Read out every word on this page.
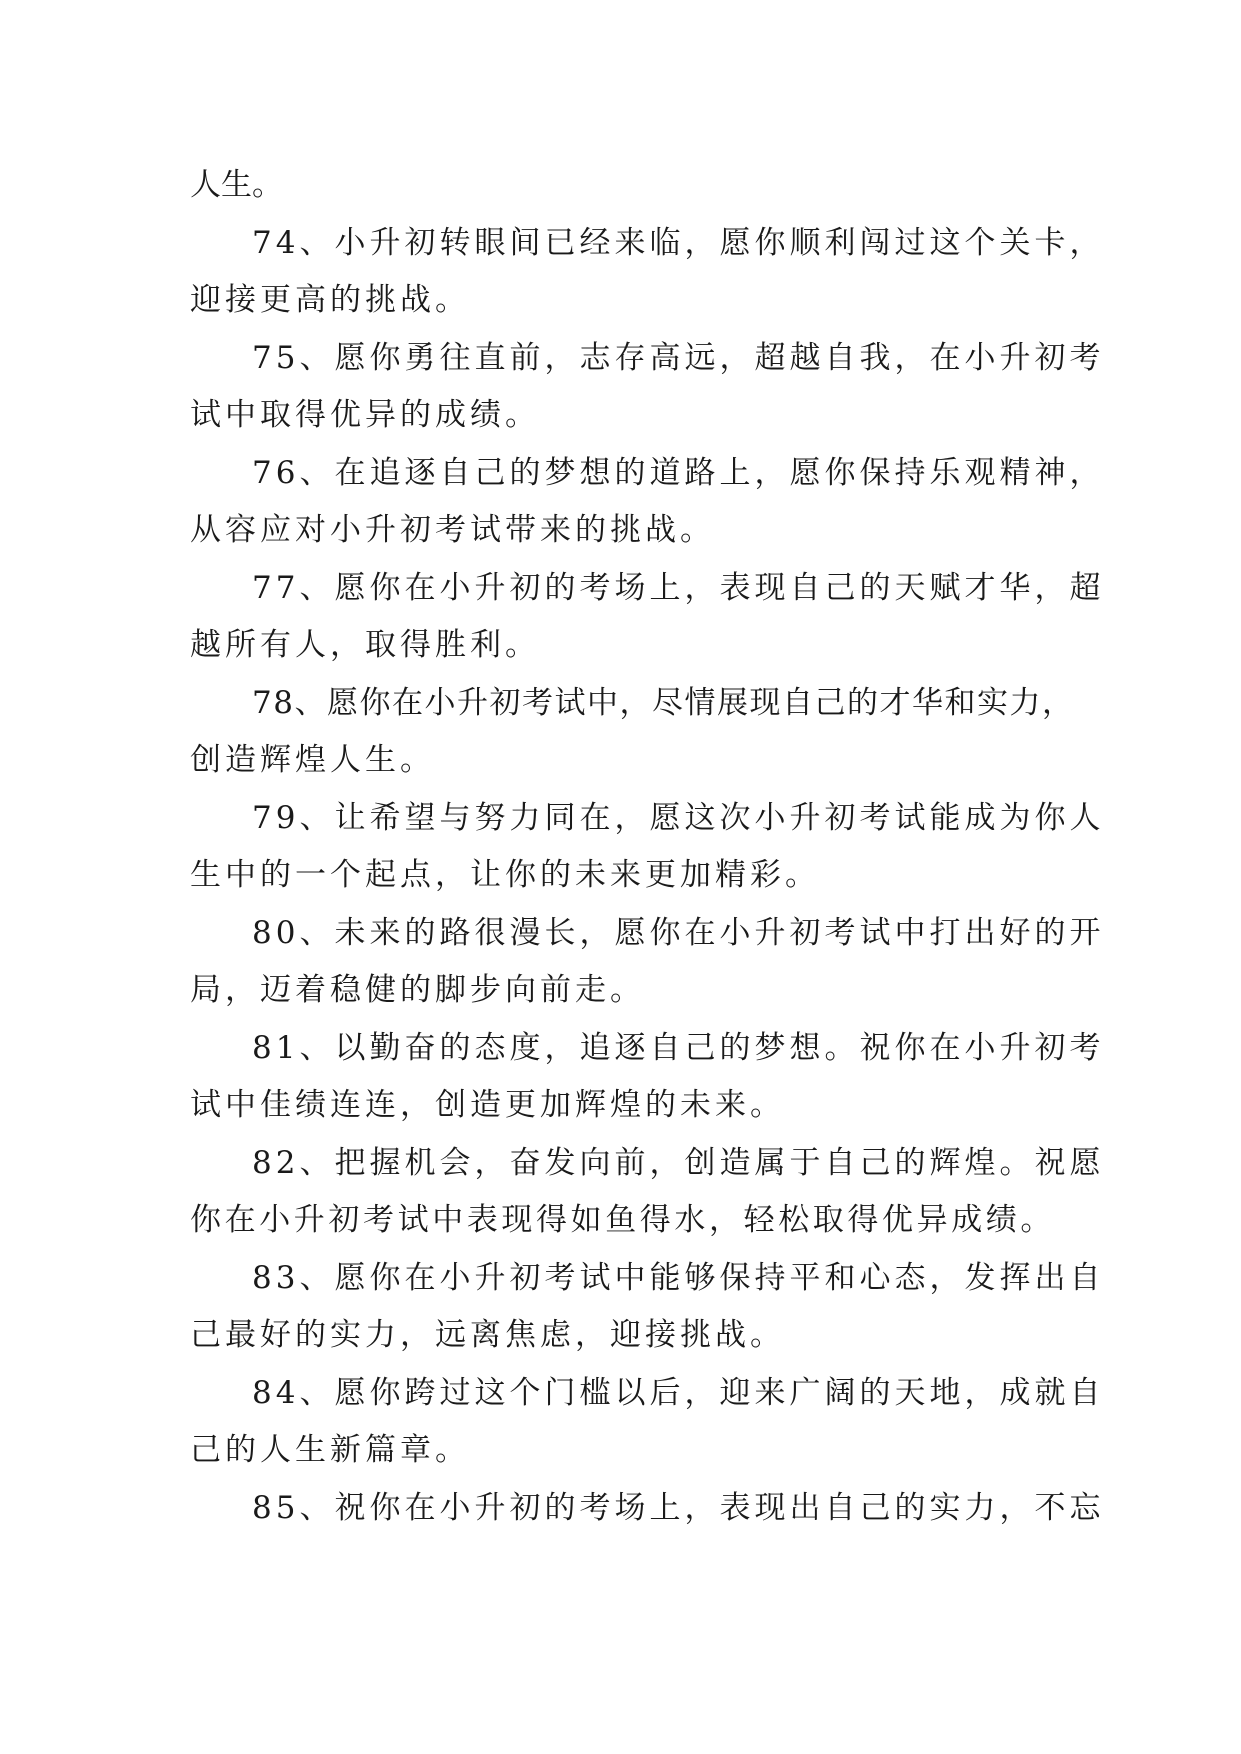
人生。
74、小升初转眼间已经来临，愿你顺利闯过这个关卡，
迎接更高的挑战。
75、愿你勇往直前，志存高远，超越自我，在小升初考
试中取得优异的成绩。
76、在追逐自己的梦想的道路上，愿你保持乐观精神，
从容应对小升初考试带来的挑战。
77、愿你在小升初的考场上，表现自己的天赋才华，超
越所有人，取得胜利。
78、愿你在小升初考试中，尽情展现自己的才华和实力，
创造辉煌人生。
79、让希望与努力同在，愿这次小升初考试能成为你人
生中的一个起点，让你的未来更加精彩。
80、未来的路很漫长，愿你在小升初考试中打出好的开
局，迈着稳健的脚步向前走。
81、以勤奋的态度，追逐自己的梦想。祝你在小升初考
试中佳绩连连，创造更加辉煌的未来。
82、把握机会，奋发向前，创造属于自己的辉煌。祝愿
你在小升初考试中表现得如鱼得水，轻松取得优异成绩。
83、愿你在小升初考试中能够保持平和心态，发挥出自
己最好的实力，远离焦虑，迎接挑战。
84、愿你跨过这个门槛以后，迎来广阔的天地，成就自
己的人生新篇章。
85、祝你在小升初的考场上，表现出自己的实力，不忘
